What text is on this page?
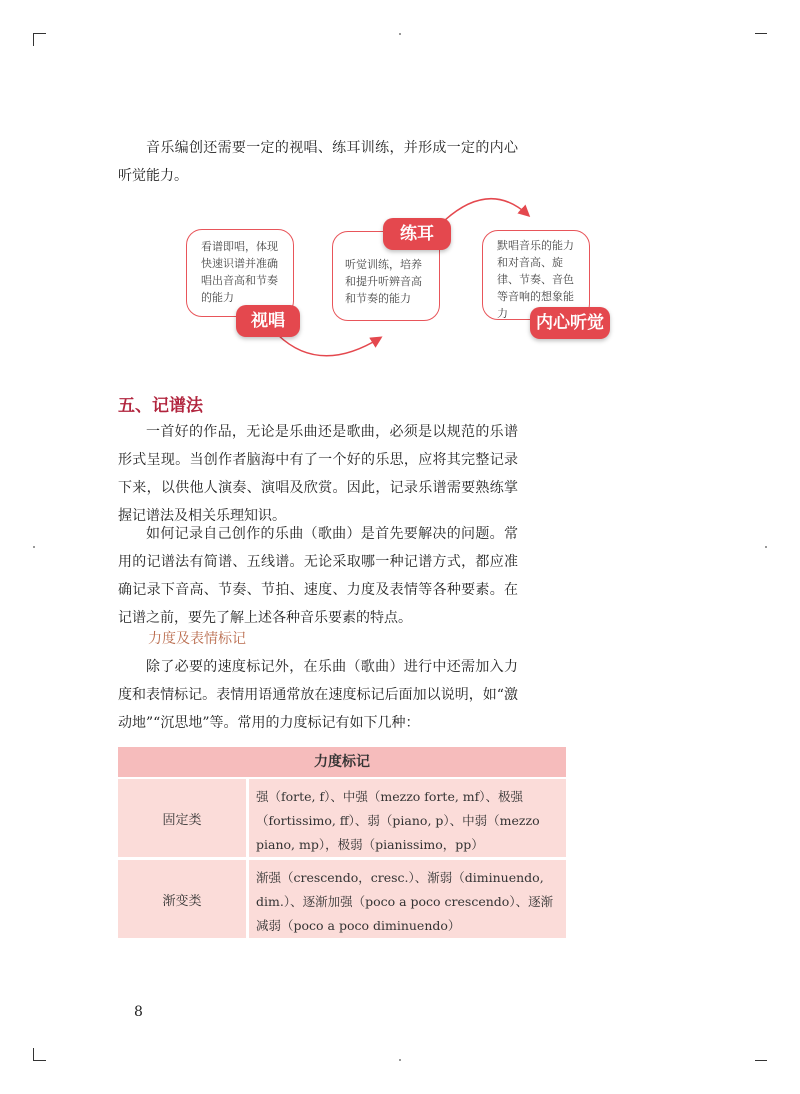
音乐编创还需要一定的视唱、练耳训练，并形成一定的内心听觉能力。
看谱即唱，体现快速识谱并准确唱出音高和节奏的能力
视唱
听觉训练，培养和提升听辨音高和节奏的能力
练耳
默唱音乐的能力和对音高、旋律、节奏、音色等音响的想象能力	内心听觉
五、记谱法
一首好的作品，无论是乐曲还是歌曲，必须是以规范的乐谱形式呈现。当创作者脑海中有了一个好的乐思，应将其完整记录下来，以供他人演奏、演唱及欣赏。因此，记录乐谱需要熟练掌握记谱法及相关乐理知识。
如何记录自己创作的乐曲（歌曲）是首先要解决的问题。常用的记谱法有简谱、五线谱。无论采取哪一种记谱方式，都应准确记录下音高、节奏、节拍、速度、力度及表情等各种要素。在记谱之前，要先了解上述各种音乐要素的特点。
力度及表情标记
除了必要的速度标记外，在乐曲（歌曲）进行中还需加入力度和表情标记。表情用语通常放在速度标记后面加以说明，如“激动地”“沉思地”等。常用的力度标记有如下几种：
力度标记
固定类
强（forte, f）、中强（mezzo forte, mf）、极强（fortissimo, ff）、弱（piano, p）、中弱（mezzo piano, mp），极弱（pianissimo，pp）
渐变类
渐强（crescendo，cresc.）、渐弱（diminuendo, dim.）、逐渐加强（poco a poco crescendo）、逐渐减弱（poco a poco diminuendo）
8
